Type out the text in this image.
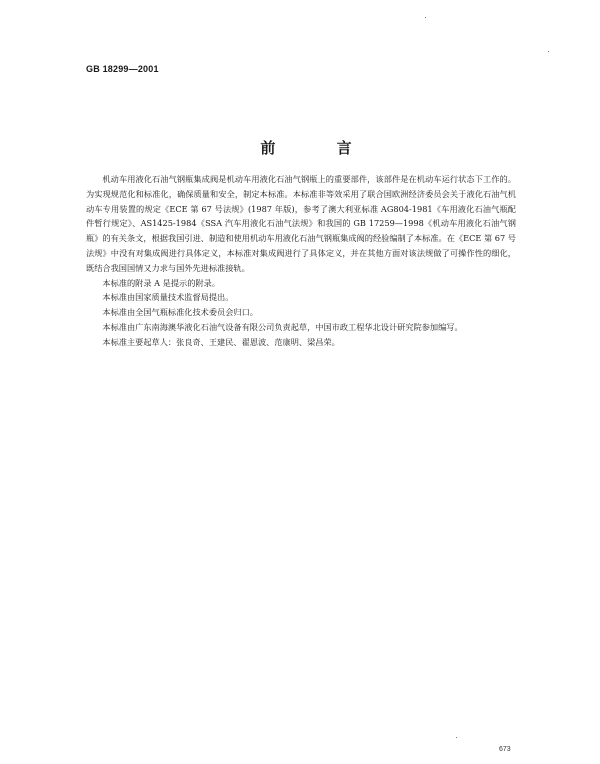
GB 18299—2001
前 言

机动车用液化石油气钢瓶集成阀是机动车用液化石油气钢瓶上的重要部件，该部件是在机动车运行状态下工作的。为实现规范化和标准化，确保质量和安全，制定本标准。本标准非等效采用了联合国欧洲经济委员会关于液化石油气机动车专用装置的规定《ECE 第 67 号法规》(1987 年版)，参考了澳大利亚标准 AG804-1981《车用液化石油气瓶配件暂行规定》、AS1425-1984《SSA 汽车用液化石油气法规》和我国的 GB 17259—1998《机动车用液化石油气钢瓶》的有关条文，根据我国引进、制造和使用机动车用液化石油气钢瓶集成阀的经验编制了本标准。在《ECE 第 67 号法规》中没有对集成阀进行具体定义，本标准对集成阀进行了具体定义，并在其他方面对该法规做了可操作性的细化，既结合我国国情又力求与国外先进标准接轨。

本标准的附录 A 是提示的附录。

本标准由国家质量技术监督局提出。

本标准由全国气瓶标准化技术委员会归口。

本标准由广东南海澳华液化石油气设备有限公司负责起草，中国市政工程华北设计研究院参加编写。

本标准主要起草人：张良奇、王建民、翟恩波、范康明、梁昌荣。

673
